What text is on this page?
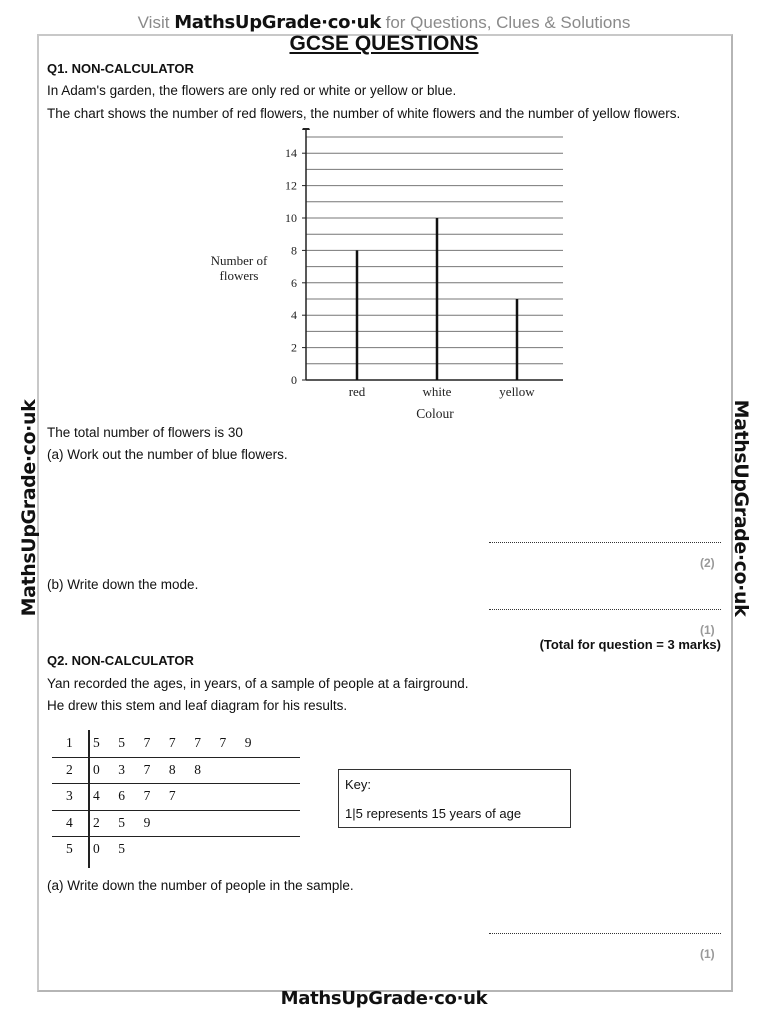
Visit MathsUpGrade·co·uk for Questions, Clues & Solutions
MathsUpGrade·co·uk	MathsUpGrade·co·uk
GCSE QUESTIONS
Q1. NON-CALCULATOR
In Adam's garden, the flowers are only red or white or yellow or blue.
The chart shows the number of red flowers, the number of white flowers and the number of yellow flowers.
0
2
4
6
8
10
12
14
red	white	yellow
Colour
Number of
flowers
The total number of flowers is 30
(a) Work out the number of blue flowers.
(2)
(b) Write down the mode.
(1)
(Total for question = 3 marks)
Q2. NON-CALCULATOR
Yan recorded the ages, in years, of a sample of people at a fairground.
He drew this stem and leaf diagram for his results.
1 5 5 7 7 7 7 9
2 0 3 7 8 8
3 4 6 7 7
4 2 5 9
5 0 5
Key:
1|5 represents 15 years of age
(a) Write down the number of people in the sample.
(1)
MathsUpGrade·co·uk
